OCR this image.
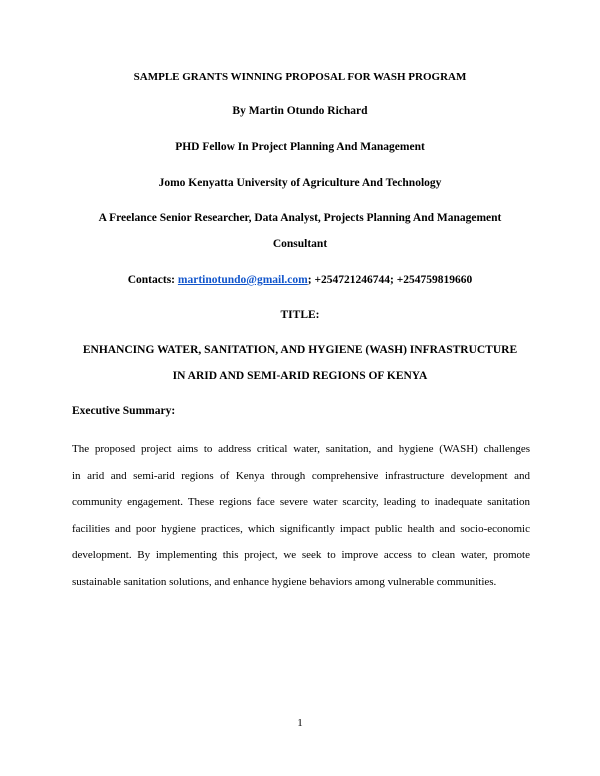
SAMPLE GRANTS WINNING PROPOSAL FOR WASH PROGRAM
By Martin Otundo Richard
PHD Fellow In Project Planning And Management
Jomo Kenyatta University of Agriculture And Technology
A Freelance Senior Researcher, Data Analyst, Projects Planning And Management
Consultant
Contacts: martinotundo@gmail.com; +254721246744; +254759819660
TITLE:
ENHANCING WATER, SANITATION, AND HYGIENE (WASH) INFRASTRUCTURE
IN ARID AND SEMI-ARID REGIONS OF KENYA
Executive Summary:
The proposed project aims to address critical water, sanitation, and hygiene (WASH) challenges
in arid and semi-arid regions of Kenya through comprehensive infrastructure development and
community engagement. These regions face severe water scarcity, leading to inadequate sanitation
facilities and poor hygiene practices, which significantly impact public health and socio-economic
development. By implementing this project, we seek to improve access to clean water, promote
sustainable sanitation solutions, and enhance hygiene behaviors among vulnerable communities.
1
